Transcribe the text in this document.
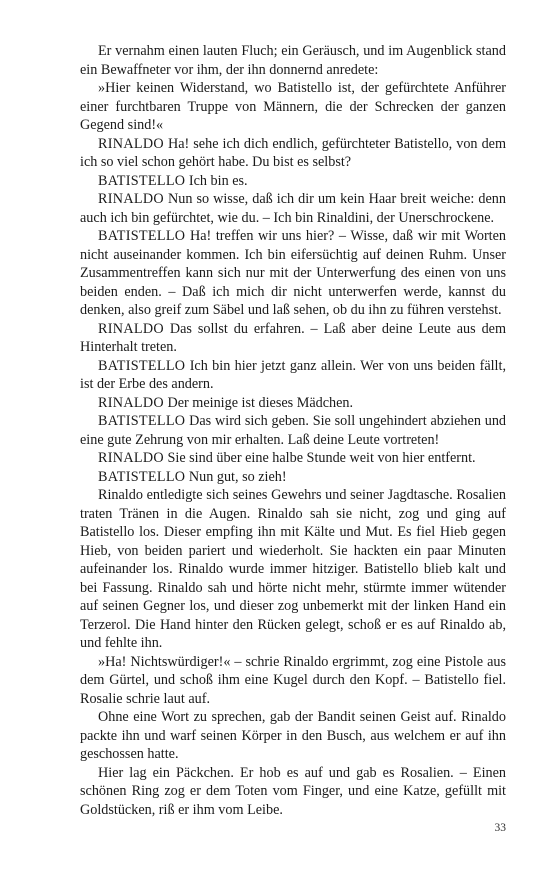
Er vernahm einen lauten Fluch; ein Geräusch, und im Augenblick stand ein Bewaffneter vor ihm, der ihn donnernd anredete:

»Hier keinen Widerstand, wo Batistello ist, der gefürchtete Anführer einer furchtbaren Truppe von Männern, die der Schrecken der ganzen Gegend sind!«

RINALDO Ha! sehe ich dich endlich, gefürchteter Batistello, von dem ich so viel schon gehört habe. Du bist es selbst?

BATISTELLO Ich bin es.

RINALDO Nun so wisse, daß ich dir um kein Haar breit weiche: denn auch ich bin gefürchtet, wie du. – Ich bin Rinaldini, der Unerschrockene.

BATISTELLO Ha! treffen wir uns hier? – Wisse, daß wir mit Worten nicht auseinander kommen. Ich bin eifersüchtig auf deinen Ruhm. Unser Zusammentreffen kann sich nur mit der Unterwerfung des einen von uns beiden enden. – Daß ich mich dir nicht unterwerfen werde, kannst du denken, also greif zum Säbel und laß sehen, ob du ihn zu führen verstehst.

RINALDO Das sollst du erfahren. – Laß aber deine Leute aus dem Hinterhalt treten.

BATISTELLO Ich bin hier jetzt ganz allein. Wer von uns beiden fällt, ist der Erbe des andern.

RINALDO Der meinige ist dieses Mädchen.

BATISTELLO Das wird sich geben. Sie soll ungehindert abziehen und eine gute Zehrung von mir erhalten. Laß deine Leute vortreten!

RINALDO Sie sind über eine halbe Stunde weit von hier entfernt.

BATISTELLO Nun gut, so zieh!

Rinaldo entledigte sich seines Gewehrs und seiner Jagdtasche. Rosalien traten Tränen in die Augen. Rinaldo sah sie nicht, zog und ging auf Batistello los. Dieser empfing ihn mit Kälte und Mut. Es fiel Hieb gegen Hieb, von beiden pariert und wiederholt. Sie hackten ein paar Minuten aufeinander los. Rinaldo wurde immer hitziger. Batistello blieb kalt und bei Fassung. Rinaldo sah und hörte nicht mehr, stürmte immer wütender auf seinen Gegner los, und dieser zog unbemerkt mit der linken Hand ein Terzerol. Die Hand hinter den Rücken gelegt, schoß er es auf Rinaldo ab, und fehlte ihn.

»Ha! Nichtswürdiger!« – schrie Rinaldo ergrimmt, zog eine Pistole aus dem Gürtel, und schoß ihm eine Kugel durch den Kopf. – Batistello fiel. Rosalie schrie laut auf.

Ohne eine Wort zu sprechen, gab der Bandit seinen Geist auf. Rinaldo packte ihn und warf seinen Körper in den Busch, aus welchem er auf ihn geschossen hatte.

Hier lag ein Päckchen. Er hob es auf und gab es Rosalien. – Einen schönen Ring zog er dem Toten vom Finger, und eine Katze, gefüllt mit Goldstücken, riß er ihm vom Leibe.

33
